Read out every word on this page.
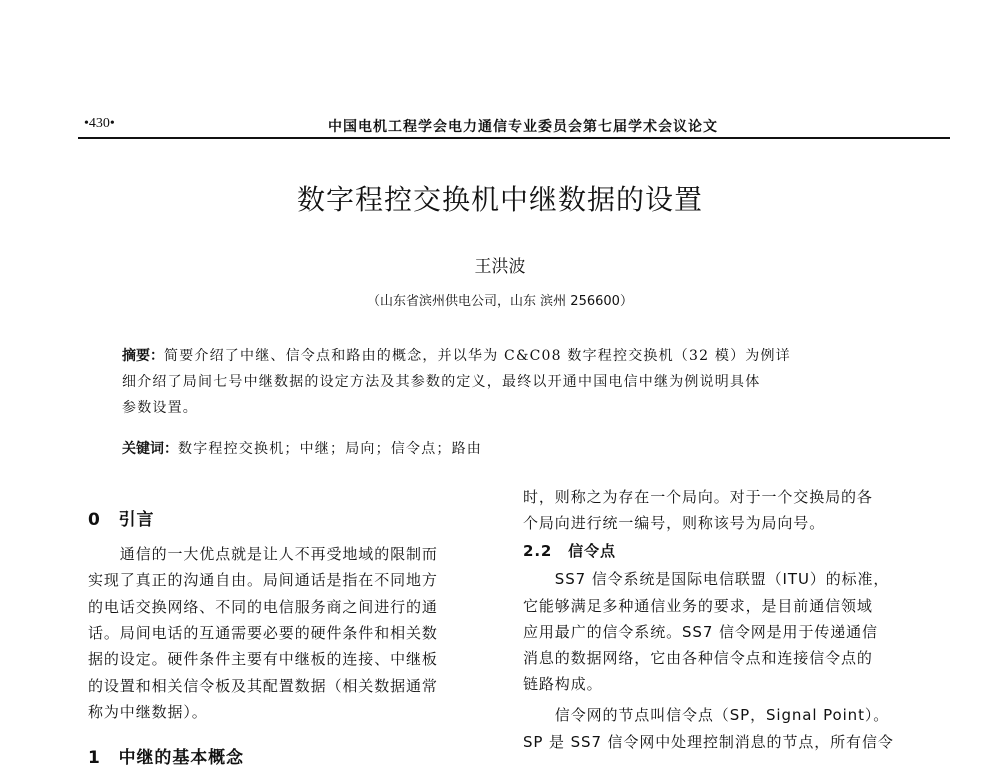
•430•	中国电机工程学会电力通信专业委员会第七届学术会议论文
数字程控交换机中继数据的设置
王洪波
（山东省滨州供电公司，山东 滨州 256600）
摘要：简要介绍了中继、信令点和路由的概念，并以华为 C&C08 数字程控交换机（32 模）为例详
细介绍了局间七号中继数据的设定方法及其参数的定义，最终以开通中国电信中继为例说明具体
参数设置。
关键词：数字程控交换机；中继；局向；信令点；路由
0　引言
　　通信的一大优点就是让人不再受地域的限制而
实现了真正的沟通自由。局间通话是指在不同地方
的电话交换网络、不同的电信服务商之间进行的通
话。局间电话的互通需要必要的硬件条件和相关数
据的设定。硬件条件主要有中继板的连接、中继板
的设置和相关信令板及其配置数据（相关数据通常
称为中继数据）。
1　中继的基本概念
时，则称之为存在一个局向。对于一个交换局的各
个局向进行统一编号，则称该号为局向号。
2.2　信令点
　　SS7 信令系统是国际电信联盟（ITU）的标准，
它能够满足多种通信业务的要求，是目前通信领域
应用最广的信令系统。SS7 信令网是用于传递通信
消息的数据网络，它由各种信令点和连接信令点的
链路构成。
　　信令网的节点叫信令点（SP，Signal Point）。
SP 是 SS7 信令网中处理控制消息的节点，所有信令
